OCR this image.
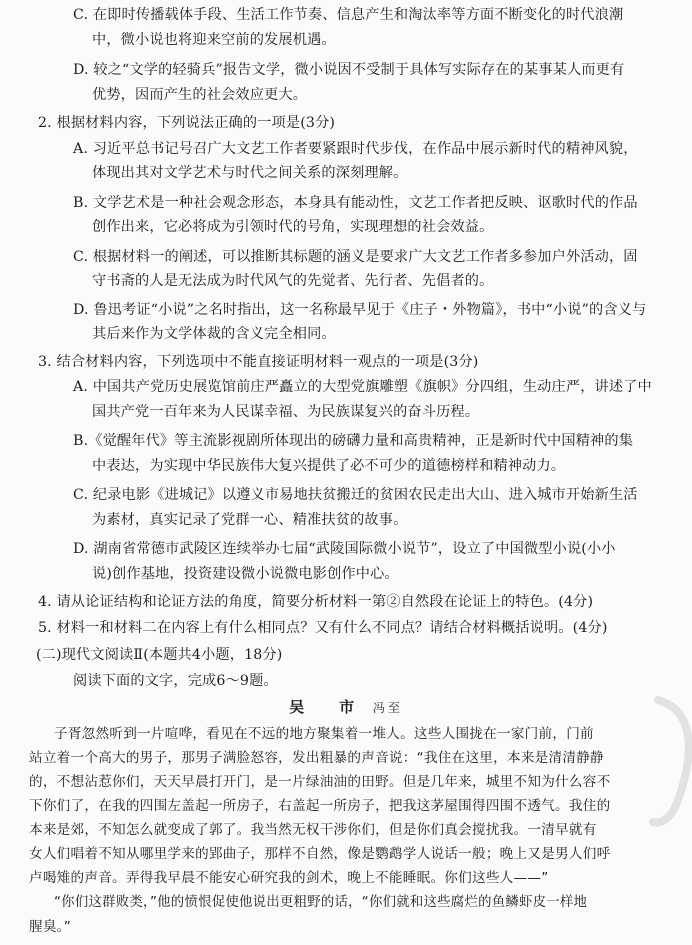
C. 在即时传播载体手段、生活工作节奏、信息产生和淘汰率等方面不断变化的时代浪潮
中，微小说也将迎来空前的发展机遇。
D. 较之“文学的轻骑兵”报告文学，微小说因不受制于具体写实际存在的某事某人而更有
优势，因而产生的社会效应更大。
2. 根据材料内容，下列说法正确的一项是(3分)
A. 习近平总书记号召广大文艺工作者要紧跟时代步伐，在作品中展示新时代的精神风貌，
体现出其对文学艺术与时代之间关系的深刻理解。
B. 文学艺术是一种社会观念形态，本身具有能动性，文艺工作者把反映、讴歌时代的作品
创作出来，它必将成为引领时代的号角，实现理想的社会效益。
C. 根据材料一的阐述，可以推断其标题的涵义是要求广大文艺工作者多参加户外活动，固
守书斋的人是无法成为时代风气的先觉者、先行者、先倡者的。
D. 鲁迅考证“小说”之名时指出，这一名称最早见于《庄子・外物篇》，书中“小说”的含义与
其后来作为文学体裁的含义完全相同。
3. 结合材料内容，下列选项中不能直接证明材料一观点的一项是(3分)
A. 中国共产党历史展览馆前庄严矗立的大型党旗雕塑《旗帜》分四组，生动庄严，讲述了中
国共产党一百年来为人民谋幸福、为民族谋复兴的奋斗历程。
B.《觉醒年代》等主流影视剧所体现出的磅礴力量和高贵精神，正是新时代中国精神的集
中表达，为实现中华民族伟大复兴提供了必不可少的道德榜样和精神动力。
C. 纪录电影《进城记》以遵义市易地扶贫搬迁的贫困农民走出大山、进入城市开始新生活
为素材，真实记录了党群一心、精准扶贫的故事。
D. 湖南省常德市武陵区连续举办七届“武陵国际微小说节”，设立了中国微型小说(小小
说)创作基地，投资建设微小说微电影创作中心。
4. 请从论证结构和论证方法的角度，简要分析材料一第②自然段在论证上的特色。(4分)
5. 材料一和材料二在内容上有什么相同点？又有什么不同点？请结合材料概括说明。(4分)
(二)现代文阅读Ⅱ(本题共4小题，18分)
阅读下面的文字，完成6～9题。
吴　市 冯至
子胥忽然听到一片喧哗，看见在不远的地方聚集着一堆人。这些人围拢在一家门前，门前
站立着一个高大的男子，那男子满脸怒容，发出粗暴的声音说：“我住在这里，本来是清清静静
的，不想沾惹你们，天天早晨打开门，是一片绿油油的田野。但是几年来，城里不知为什么容不
下你们了，在我的四围左盖起一所房子，右盖起一所房子，把我这茅屋围得四围不透气。我住的
本来是郊，不知怎么就变成了郭了。我当然无权干涉你们，但是你们真会搅扰我。一清早就有
女人们唱着不知从哪里学来的郢曲子，那样不自然，像是鹦鹉学人说话一般；晚上又是男人们呼
卢喝雉的声音。弄得我早晨不能安心研究我的剑术，晚上不能睡眠。你们这些人——”
“你们这群败类，”他的愤恨促使他说出更粗野的话，“你们就和这些腐烂的鱼鳞虾皮一样地
腥臭。”
